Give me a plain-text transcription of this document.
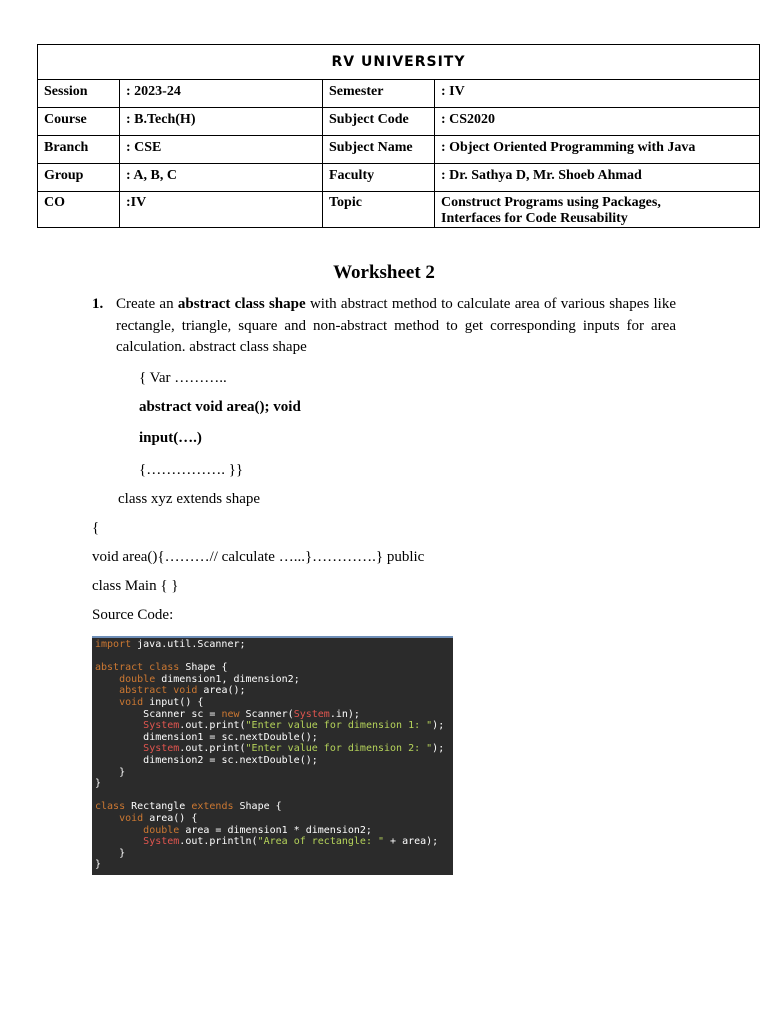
RV UNIVERSITY			
Session	: 2023-24	Semester	: IV
Course	: B.Tech(H)	Subject Code	: CS2020
Branch	: CSE	Subject Name	: Object Oriented Programming with Java
Group	: A, B, C	Faculty	: Dr. Sathya D, Mr. Shoeb Ahmad
CO	:IV	Topic	Construct Programs using Packages,
Interfaces for Code Reusability
Worksheet 2
1. Create an abstract class shape with abstract method to calculate area of various shapes like rectangle, triangle, square and non-abstract method to get corresponding inputs for area calculation. abstract class shape
{ Var ………..
abstract void area(); void
input(….)
{……………. }}
class xyz extends shape
{
void area(){………// calculate …...}………….} public
class Main { }
Source Code:
import java.util.Scanner;

abstract class Shape {
double dimension1, dimension2;
abstract void area();
void input() {
Scanner sc = new Scanner(System.in);
System.out.print("Enter value for dimension 1: ");
dimension1 = sc.nextDouble();
System.out.print("Enter value for dimension 2: ");
dimension2 = sc.nextDouble();
}
}

class Rectangle extends Shape {
void area() {
double area = dimension1 * dimension2;
System.out.println("Area of rectangle: " + area);
}
}
